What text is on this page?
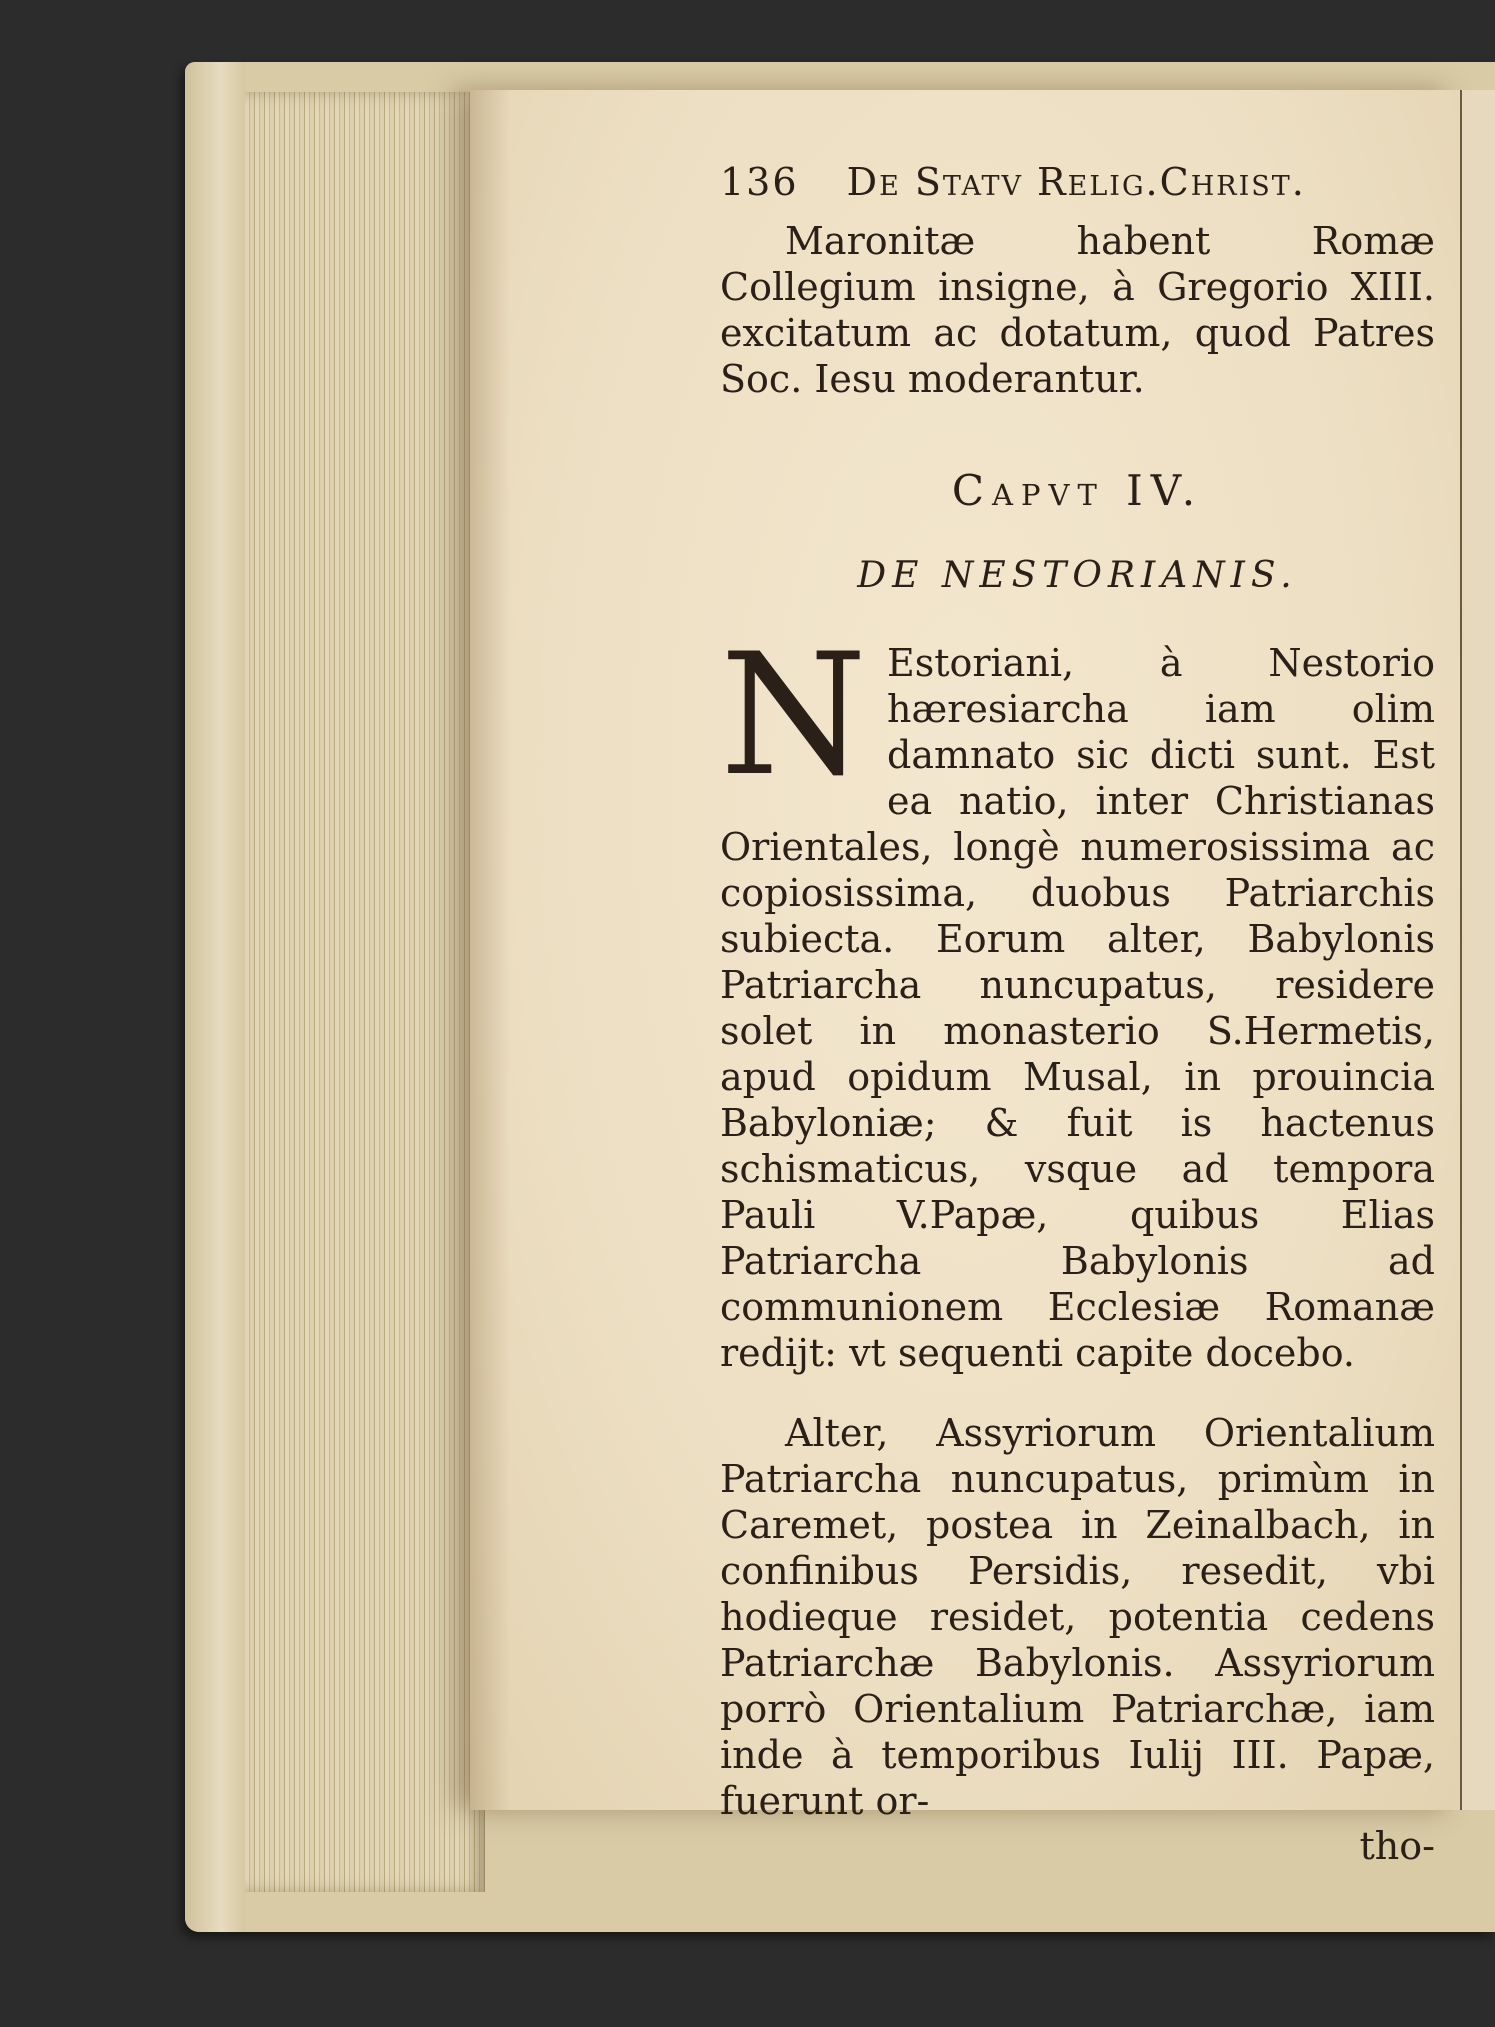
136 De Statv Relig.Christ.

Maronitæ habent Romæ Collegium insigne, à Gregorio XIII. excitatum ac dotatum, quod Patres Soc. Iesu moderantur.

Capvt IV.
DE NESTORIANIS.

N Estoriani, à Nestorio hæresiarcha iam olim damnato sic dicti sunt. Est ea natio, inter Christianas Orientales, longè numerosissima ac copiosissima, duobus Patriarchis subiecta. Eorum alter, Babylonis Patriarcha nuncupatus, residere solet in monasterio S.Hermetis, apud opidum Musal, in prouincia Babyloniæ; & fuit is hactenus schismaticus, vsque ad tempora Pauli V.Papæ, quibus Elias Patriarcha Babylonis ad communionem Ecclesiæ Romanæ redijt: vt sequenti capite docebo.

Alter, Assyriorum Orientalium Patriarcha nuncupatus, primùm in Caremet, postea in Zeinalbach, in confinibus Persidis, resedit, vbi hodieque residet, potentia cedens Patriarchæ Babylonis. Assyriorum porrò Orientalium Patriarchæ, iam inde à temporibus Iulij III. Papæ, fuerunt or-

tho-
